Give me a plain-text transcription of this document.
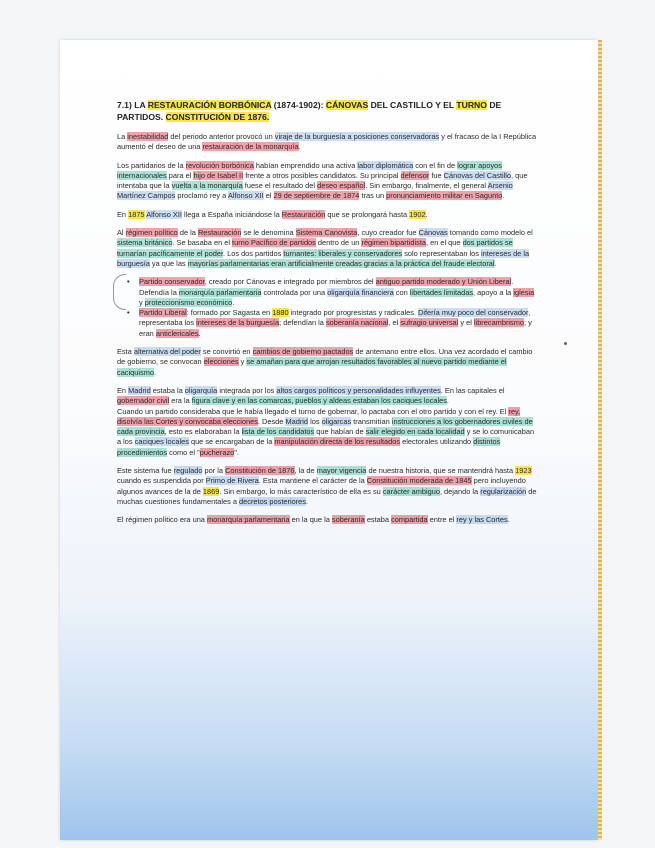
7.1) LA RESTAURACIÓN BORBÓNICA (1874-1902): CÁNOVAS DEL CASTILLO Y EL TURNO DE PARTIDOS. CONSTITUCIÓN DE 1876.

La inestabilidad del periodo anterior provocó un viraje de la burguesía a posiciones conservadoras y el fracaso de la I República aumentó el deseo de una restauración de la monarquía.

Los partidarios de la revolución borbónica habían emprendido una activa labor diplomática con el fin de lograr apoyos internacionales para el hijo de Isabel II frente a otros posibles candidatos. Su principal defensor fue Cánovas del Castillo, que intentaba que la vuelta a la monarquía fuese el resultado del deseo español. Sin embargo, finalmente, el general Arsenio Martínez Campos proclamó rey a Alfonso XII el 29 de septiembre de 1874 tras un pronunciamiento militar en Sagunto.

En 1875 Alfonso XII llega a España iniciándose la Restauración que se prolongará hasta 1902.

Al régimen político de la Restauración se le denomina Sistema Canovista, cuyo creador fue Cánovas tomando como modelo el sistema británico. Se basaba en el turno Pacífico de partidos dentro de un régimen bipartidista, en el que dos partidos se turnarían pacíficamente el poder. Los dos partidos turnantes: liberales y conservadores solo representaban los intereses de la burguesía ya que las mayorías parlamentarias eran artificialmente creadas gracias a la práctica del fraude electoral.

• Partido conservador, creado por Cánovas e integrado por miembros del antiguo partido moderado y Unión Liberal. Defendía la monarquía parlamentaria controlada por una oligarquía financiera con libertades limitadas, apoyo a la iglesia y proteccionismo económico.
• Partido Liberal: formado por Sagasta en 1880 integrado por progresistas y radicales. Difería muy poco del conservador, representaba los intereses de la burguesía; defendían la soberanía nacional, el sufragio universal y el librecambrismo; y eran anticlericales.

Esta alternativa del poder se convirtió en cambios de gobierno pactados de antemano entre ellos. Una vez acordado el cambio de gobierno, se convocan elecciones y se amañan para que arrojan resultados favorables al nuevo partido mediante el caciquismo.

En Madrid estaba la oligarquía integrada por los altos cargos políticos y personalidades influyentes. En las capitales el gobernador civil era la figura clave y en las comarcas, pueblos y aldeas estaban los caciques locales.

Cuando un partido consideraba que le había llegado el turno de gobernar, lo pactaba con el otro partido y con el rey. El rey, disolvía las Cortes y convocaba elecciones. Desde Madrid los oligarcas transmitían instrucciones a los gobernadores civiles de cada provincia, esto es elaboraban la lista de los candidatos que habían de salir elegido en cada localidad y se lo comunicaban a los caciques locales que se encargaban de la manipulación directa de los resultados electorales utilizando distintos procedimientos como el "pucherazo".

Este sistema fue regulado por la Constitución de 1876, la de mayor vigencia de nuestra historia, que se mantendrá hasta 1923 cuando es suspendida por Primo de Rivera. Esta mantiene el carácter de la Constitución moderada de 1845 pero incluyendo algunos avances de la de 1869. Sin embargo, lo más característico de ella es su carácter ambiguo, dejando la regularización de muchas cuestiones fundamentales a decretos posteriores.

El régimen político era una monarquía parlamentaria en la que la soberanía estaba compartida entre el rey y las Cortes.
